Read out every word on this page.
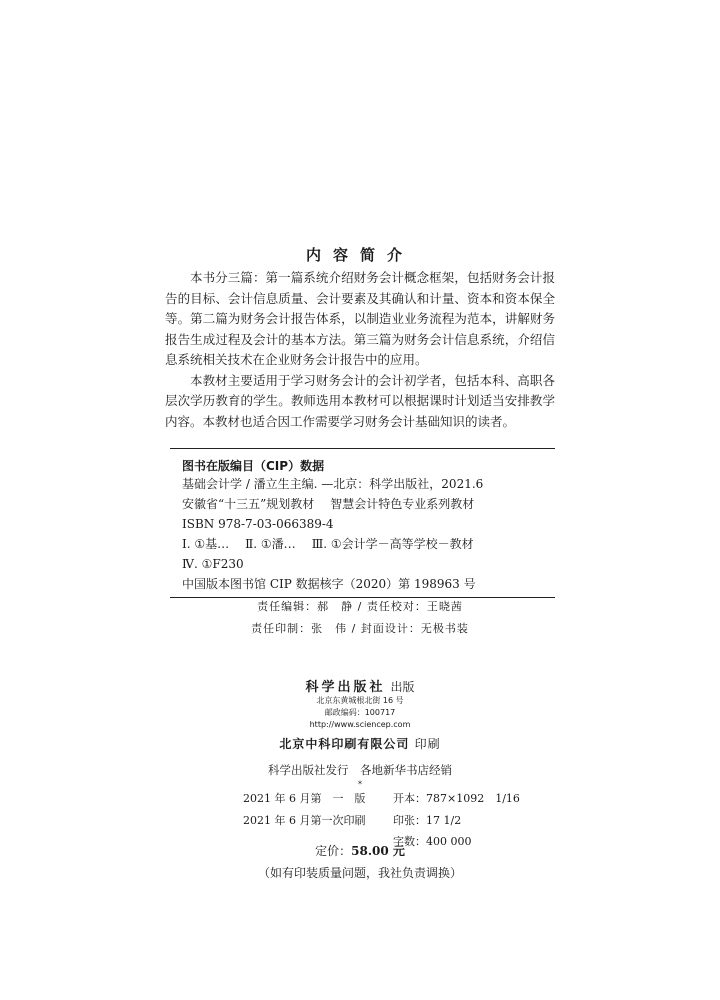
内容简介

本书分三篇：第一篇系统介绍财务会计概念框架，包括财务会计报告的目标、会计信息质量、会计要素及其确认和计量、资本和资本保全等。第二篇为财务会计报告体系，以制造业业务流程为范本，讲解财务报告生成过程及会计的基本方法。第三篇为财务会计信息系统，介绍信息系统相关技术在企业财务会计报告中的应用。

本教材主要适用于学习财务会计的会计初学者，包括本科、高职各层次学历教育的学生。教师选用本教材可以根据课时计划适当安排教学内容。本教材也适合因工作需要学习财务会计基础知识的读者。

图书在版编目（CIP）数据
基础会计学 / 潘立生主编. —北京：科学出版社，2021.6
安徽省“十三五”规划教材 智慧会计特色专业系列教材
ISBN 978-7-03-066389-4
Ⅰ. ①基… Ⅱ. ①潘… Ⅲ. ①会计学－高等学校－教材
Ⅳ. ①F230
中国版本图书馆 CIP 数据核字（2020）第 198963 号
责任编辑：郝　静 / 责任校对：王晓茜
责任印制：张　伟 / 封面设计：无极书装
科学出版社 出版
北京东黄城根北街 16 号
邮政编码：100717
http://www.sciencep.com
北京中科印刷有限公司 印刷
科学出版社发行　各地新华书店经销
*
2021 年 6 月第　一　版	开本：787×1092　1/16
2021 年 6 月第一次印刷	印张：17 1/2
字数：400 000
定价：58.00 元
（如有印装质量问题，我社负责调换）
